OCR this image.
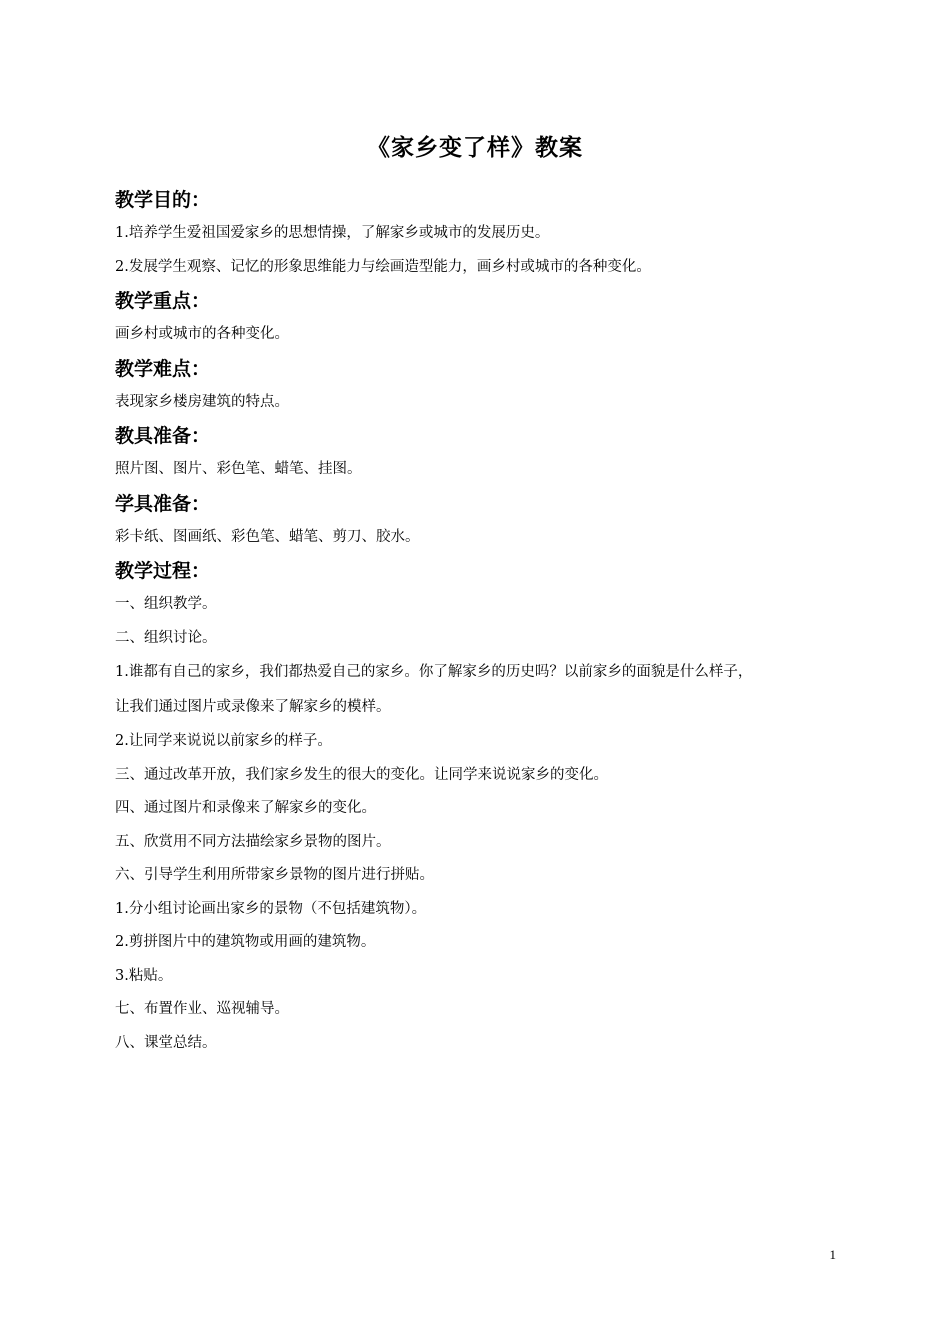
《家乡变了样》教案
教学目的：
1.培养学生爱祖国爱家乡的思想情操，了解家乡或城市的发展历史。
2.发展学生观察、记忆的形象思维能力与绘画造型能力，画乡村或城市的各种变化。
教学重点：
画乡村或城市的各种变化。
教学难点：
表现家乡楼房建筑的特点。
教具准备：
照片图、图片、彩色笔、蜡笔、挂图。
学具准备：
彩卡纸、图画纸、彩色笔、蜡笔、剪刀、胶水。
教学过程：
一、组织教学。
二、组织讨论。
1.谁都有自己的家乡，我们都热爱自己的家乡。你了解家乡的历史吗？以前家乡的面貌是什么样子，
让我们通过图片或录像来了解家乡的模样。
2.让同学来说说以前家乡的样子。
三、通过改革开放，我们家乡发生的很大的变化。让同学来说说家乡的变化。
四、通过图片和录像来了解家乡的变化。
五、欣赏用不同方法描绘家乡景物的图片。
六、引导学生利用所带家乡景物的图片进行拼贴。
1.分小组讨论画出家乡的景物（不包括建筑物）。
2.剪拼图片中的建筑物或用画的建筑物。
3.粘贴。
七、布置作业、巡视辅导。
八、课堂总结。
1
